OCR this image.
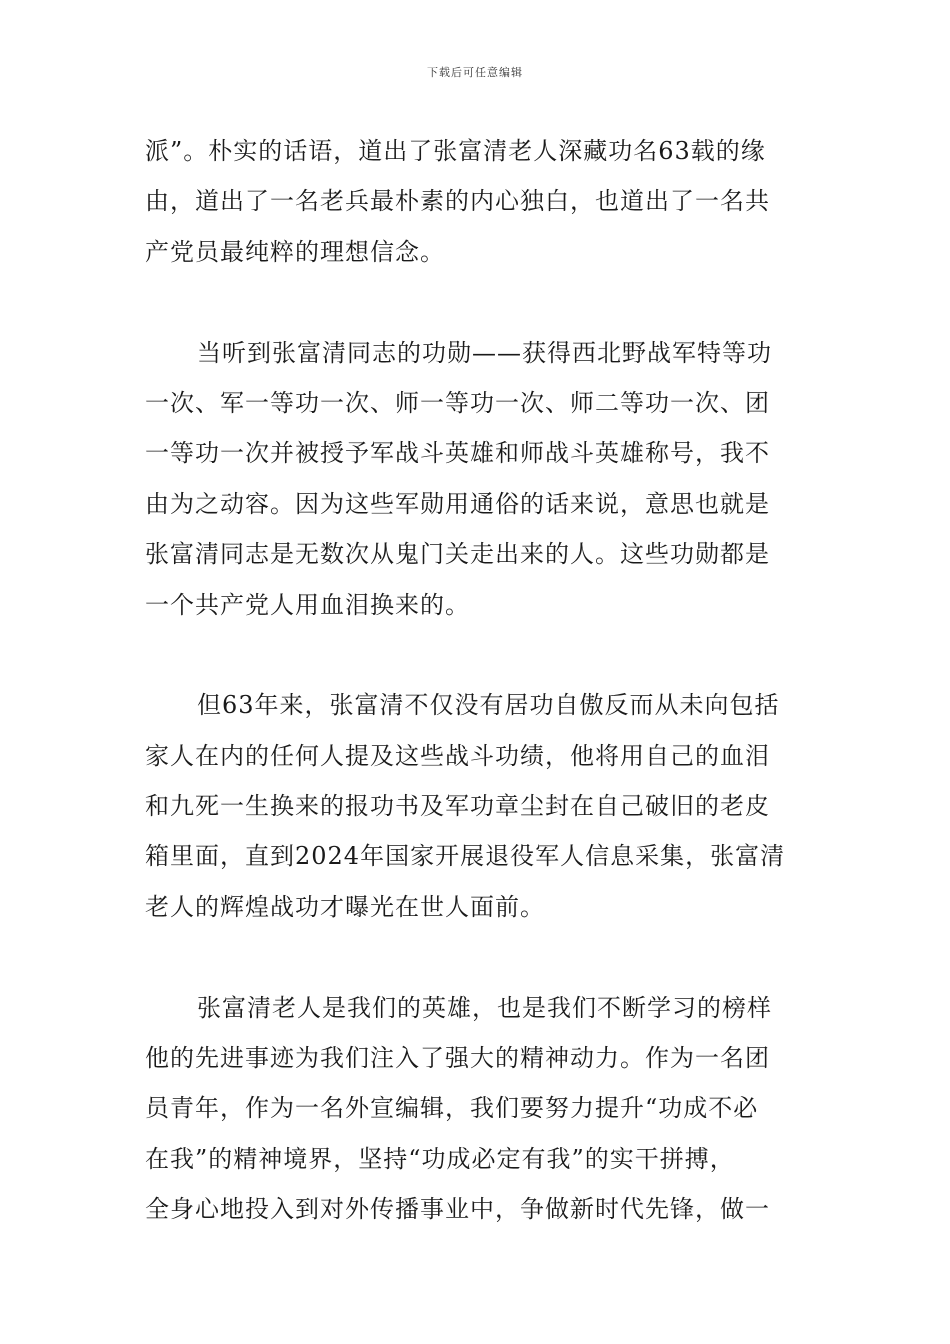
下载后可任意编辑
派”。朴实的话语，道出了张富清老人深藏功名63载的缘
由，道出了一名老兵最朴素的内心独白，也道出了一名共
产党员最纯粹的理想信念。
当听到张富清同志的功勋——获得西北野战军特等功
一次、军一等功一次、师一等功一次、师二等功一次、团
一等功一次并被授予军战斗英雄和师战斗英雄称号，我不
由为之动容。因为这些军勋用通俗的话来说，意思也就是
张富清同志是无数次从鬼门关走出来的人。这些功勋都是
一个共产党人用血泪换来的。
但63年来，张富清不仅没有居功自傲反而从未向包括
家人在内的任何人提及这些战斗功绩，他将用自己的血泪
和九死一生换来的报功书及军功章尘封在自己破旧的老皮
箱里面，直到2024年国家开展退役军人信息采集，张富清
老人的辉煌战功才曝光在世人面前。
张富清老人是我们的英雄，也是我们不断学习的榜样
他的先进事迹为我们注入了强大的精神动力。作为一名团
员青年，作为一名外宣编辑，我们要努力提升“功成不必
在我”的精神境界，坚持“功成必定有我”的实干拼搏，
全身心地投入到对外传播事业中，争做新时代先锋，做一
